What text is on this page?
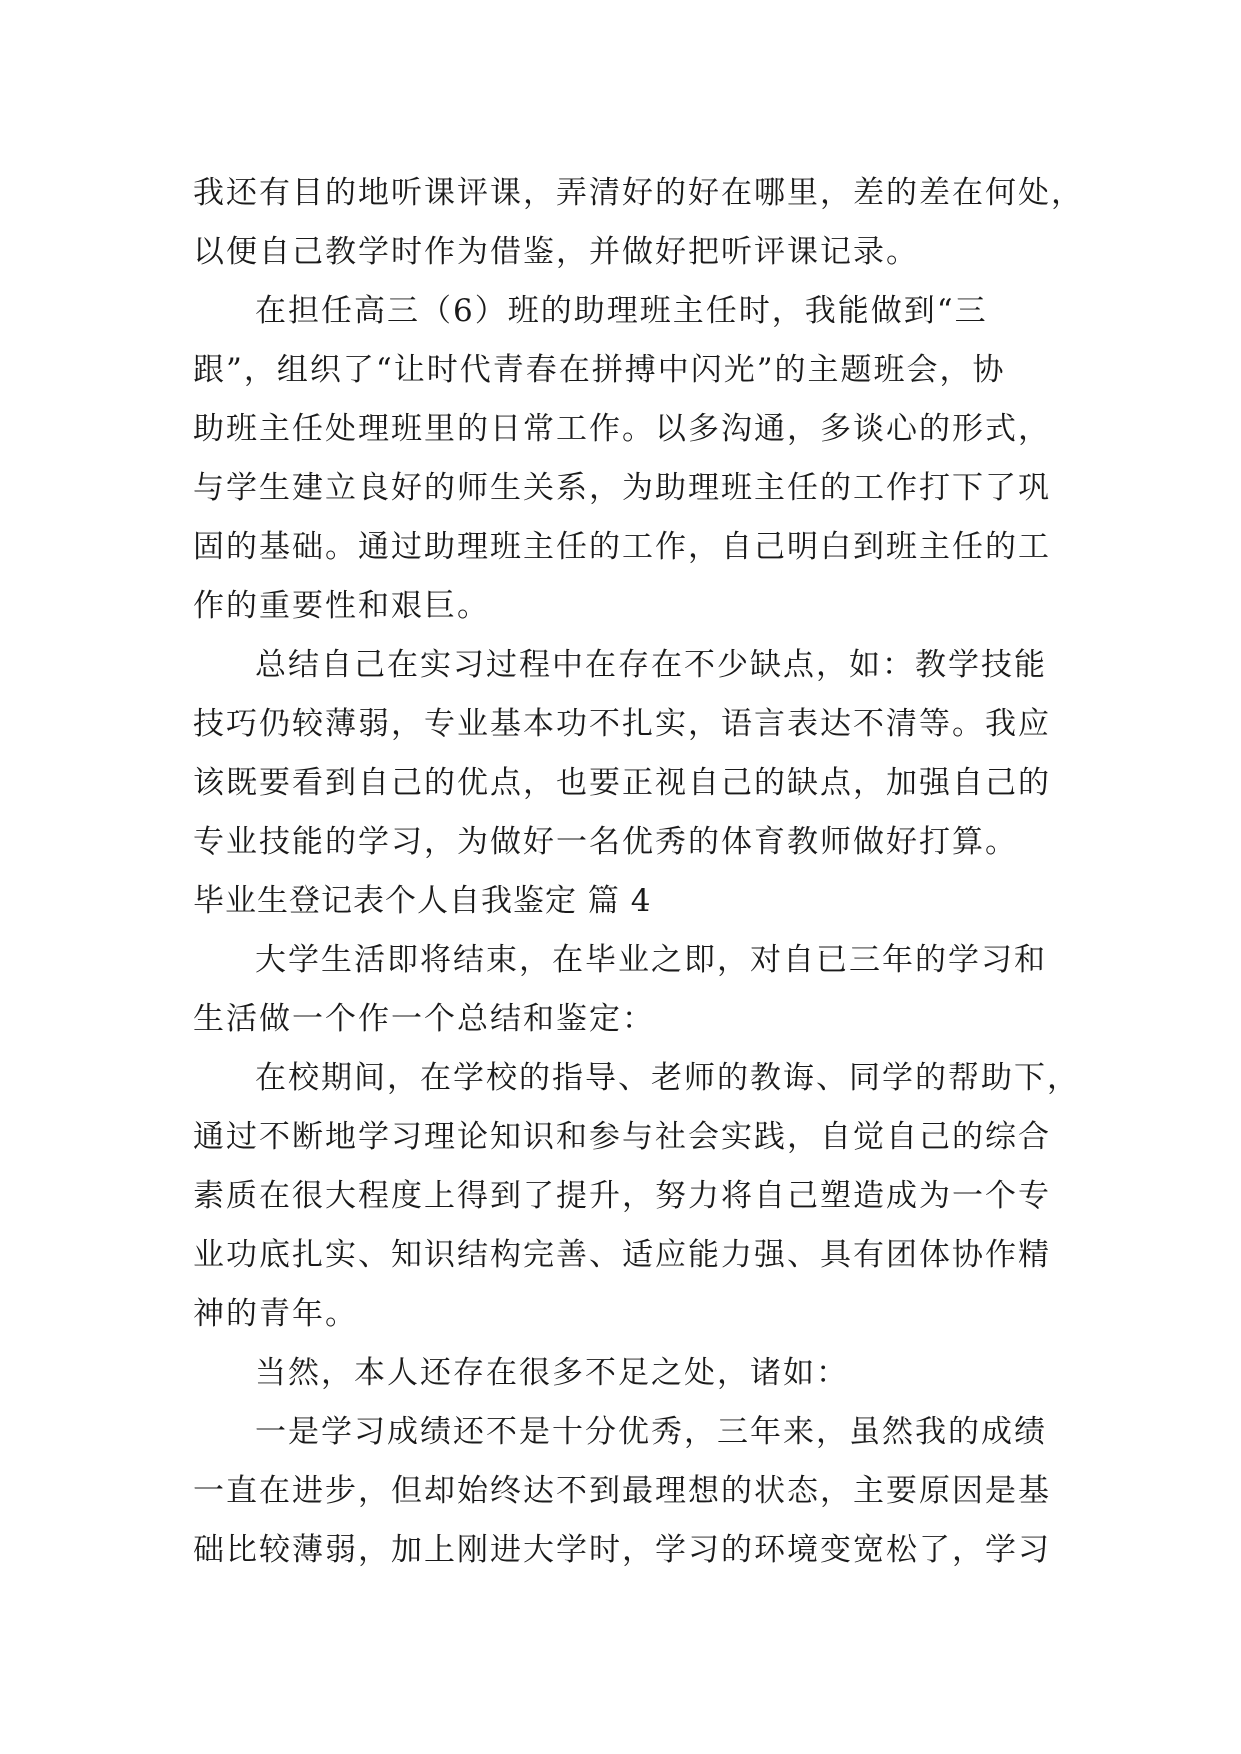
我还有目的地听课评课，弄清好的好在哪里，差的差在何处，
以便自己教学时作为借鉴，并做好把听评课记录。
在担任高三（6）班的助理班主任时，我能做到“三
跟”，组织了“让时代青春在拼搏中闪光”的主题班会，协
助班主任处理班里的日常工作。以多沟通，多谈心的形式，
与学生建立良好的师生关系，为助理班主任的工作打下了巩
固的基础。通过助理班主任的工作，自己明白到班主任的工
作的重要性和艰巨。
总结自己在实习过程中在存在不少缺点，如：教学技能
技巧仍较薄弱，专业基本功不扎实，语言表达不清等。我应
该既要看到自己的优点，也要正视自己的缺点，加强自己的
专业技能的学习，为做好一名优秀的体育教师做好打算。
毕业生登记表个人自我鉴定 篇 4
大学生活即将结束，在毕业之即，对自已三年的学习和
生活做一个作一个总结和鉴定：
在校期间，在学校的指导、老师的教诲、同学的帮助下，
通过不断地学习理论知识和参与社会实践，自觉自己的综合
素质在很大程度上得到了提升，努力将自己塑造成为一个专
业功底扎实、知识结构完善、适应能力强、具有团体协作精
神的青年。
当然，本人还存在很多不足之处，诸如：
一是学习成绩还不是十分优秀，三年来，虽然我的成绩
一直在进步，但却始终达不到最理想的状态，主要原因是基
础比较薄弱，加上刚进大学时，学习的环境变宽松了，学习
